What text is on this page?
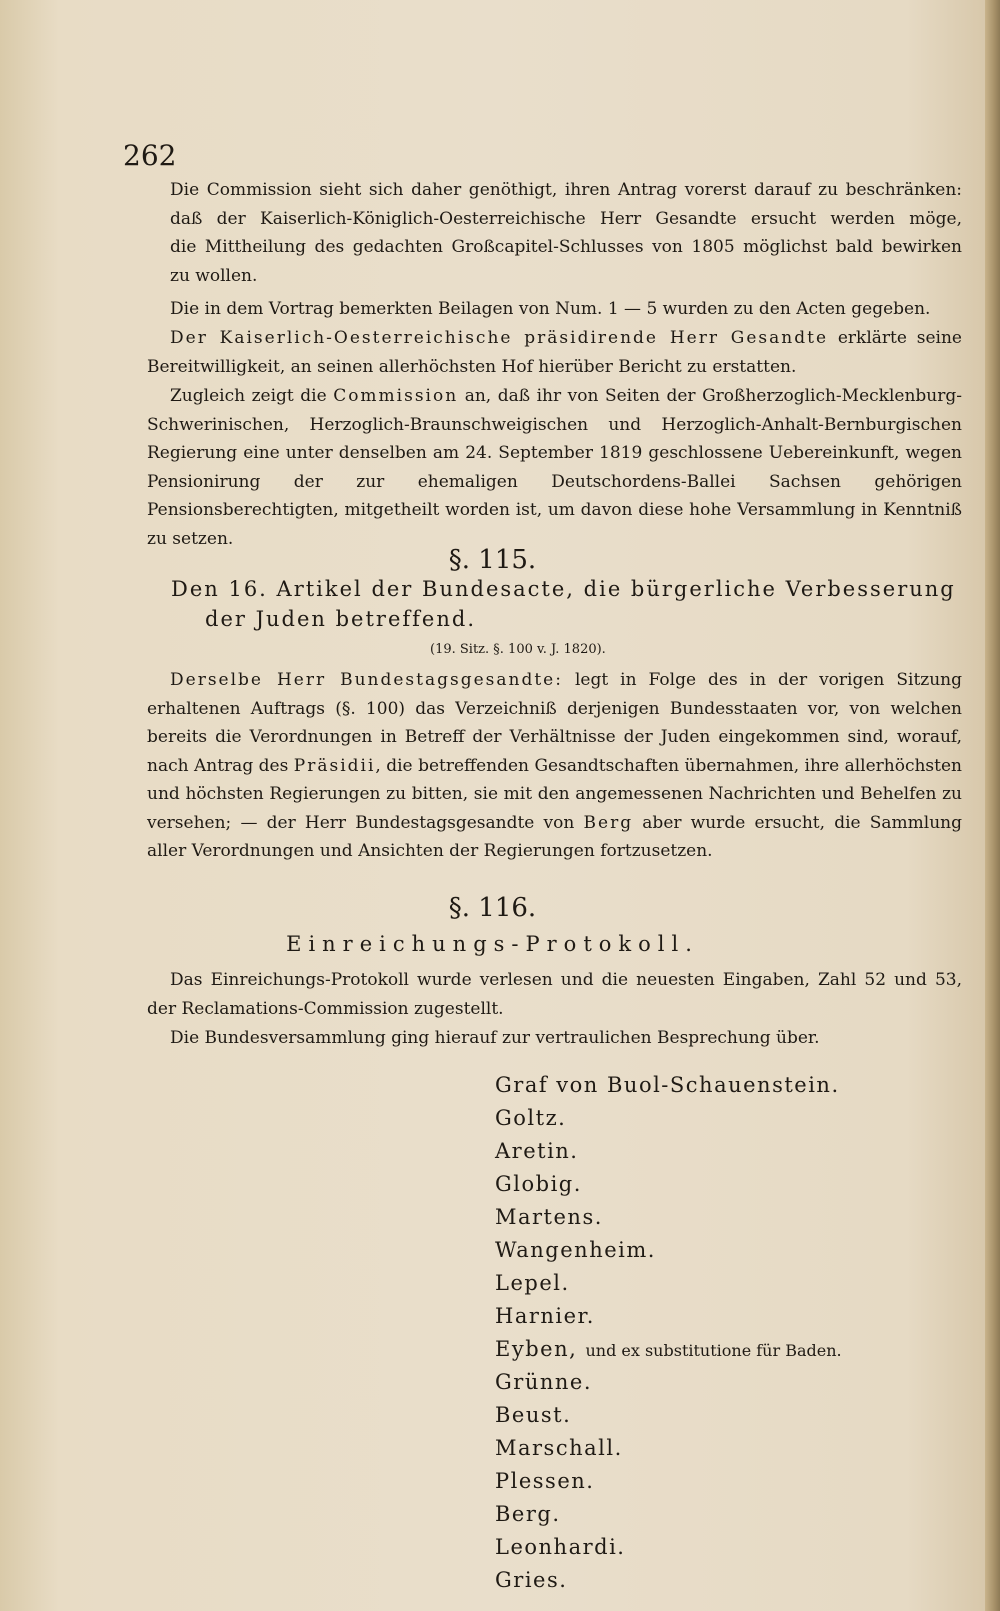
262
Die Commission sieht sich daher genöthigt, ihren Antrag vorerst darauf zu beschränken:
daß der Kaiserlich-Königlich-Oesterreichische Herr Gesandte ersucht werden möge,
die Mittheilung des gedachten Großcapitel-Schlusses von 1805 möglichst bald bewirken
zu wollen.
Die in dem Vortrag bemerkten Beilagen von Num. 1 — 5 wurden zu den Acten gegeben.

Der Kaiserlich-Oesterreichische präsidirende Herr Gesandte erklärte seine Bereitwilligkeit, an seinen allerhöchsten Hof hierüber Bericht zu erstatten.

Zugleich zeigt die Commission an, daß ihr von Seiten der Großherzoglich-Mecklenburg-Schwerinischen, Herzoglich-Braunschweigischen und Herzoglich-Anhalt-Bernburgischen Regierung eine unter denselben am 24. September 1819 geschlossene Uebereinkunft, wegen Pensionirung der zur ehemaligen Deutschordens-Ballei Sachsen gehörigen Pensionsberechtigten, mitgetheilt worden ist, um davon diese hohe Versammlung in Kenntniß zu setzen.

§. 115.
Den 16. Artikel der Bundesacte, die bürgerliche Verbesserung
der Juden betreffend.
(19. Sitz. §. 100 v. J. 1820).

Derselbe Herr Bundestagsgesandte: legt in Folge des in der vorigen Sitzung erhaltenen Auftrags (§. 100) das Verzeichniß derjenigen Bundesstaaten vor, von welchen bereits die Verordnungen in Betreff der Verhältnisse der Juden eingekommen sind, worauf, nach Antrag des Präsidii, die betreffenden Gesandtschaften übernahmen, ihre allerhöchsten und höchsten Regierungen zu bitten, sie mit den angemessenen Nachrichten und Behelfen zu versehen; — der Herr Bundestagsgesandte von Berg aber wurde ersucht, die Sammlung aller Verordnungen und Ansichten der Regierungen fortzusetzen.

§. 116.
Einreichungs-Protokoll.

Das Einreichungs-Protokoll wurde verlesen und die neuesten Eingaben, Zahl 52 und 53, der Reclamations-Commission zugestellt.

Die Bundesversammlung ging hierauf zur vertraulichen Besprechung über.

Graf von Buol-Schauenstein.
Goltz.
Aretin.
Globig.
Martens.
Wangenheim.
Lepel.
Harnier.
Eyben, und ex substitutione für Baden.
Grünne.
Beust.
Marschall.
Plessen.
Berg.
Leonhardi.
Gries.
